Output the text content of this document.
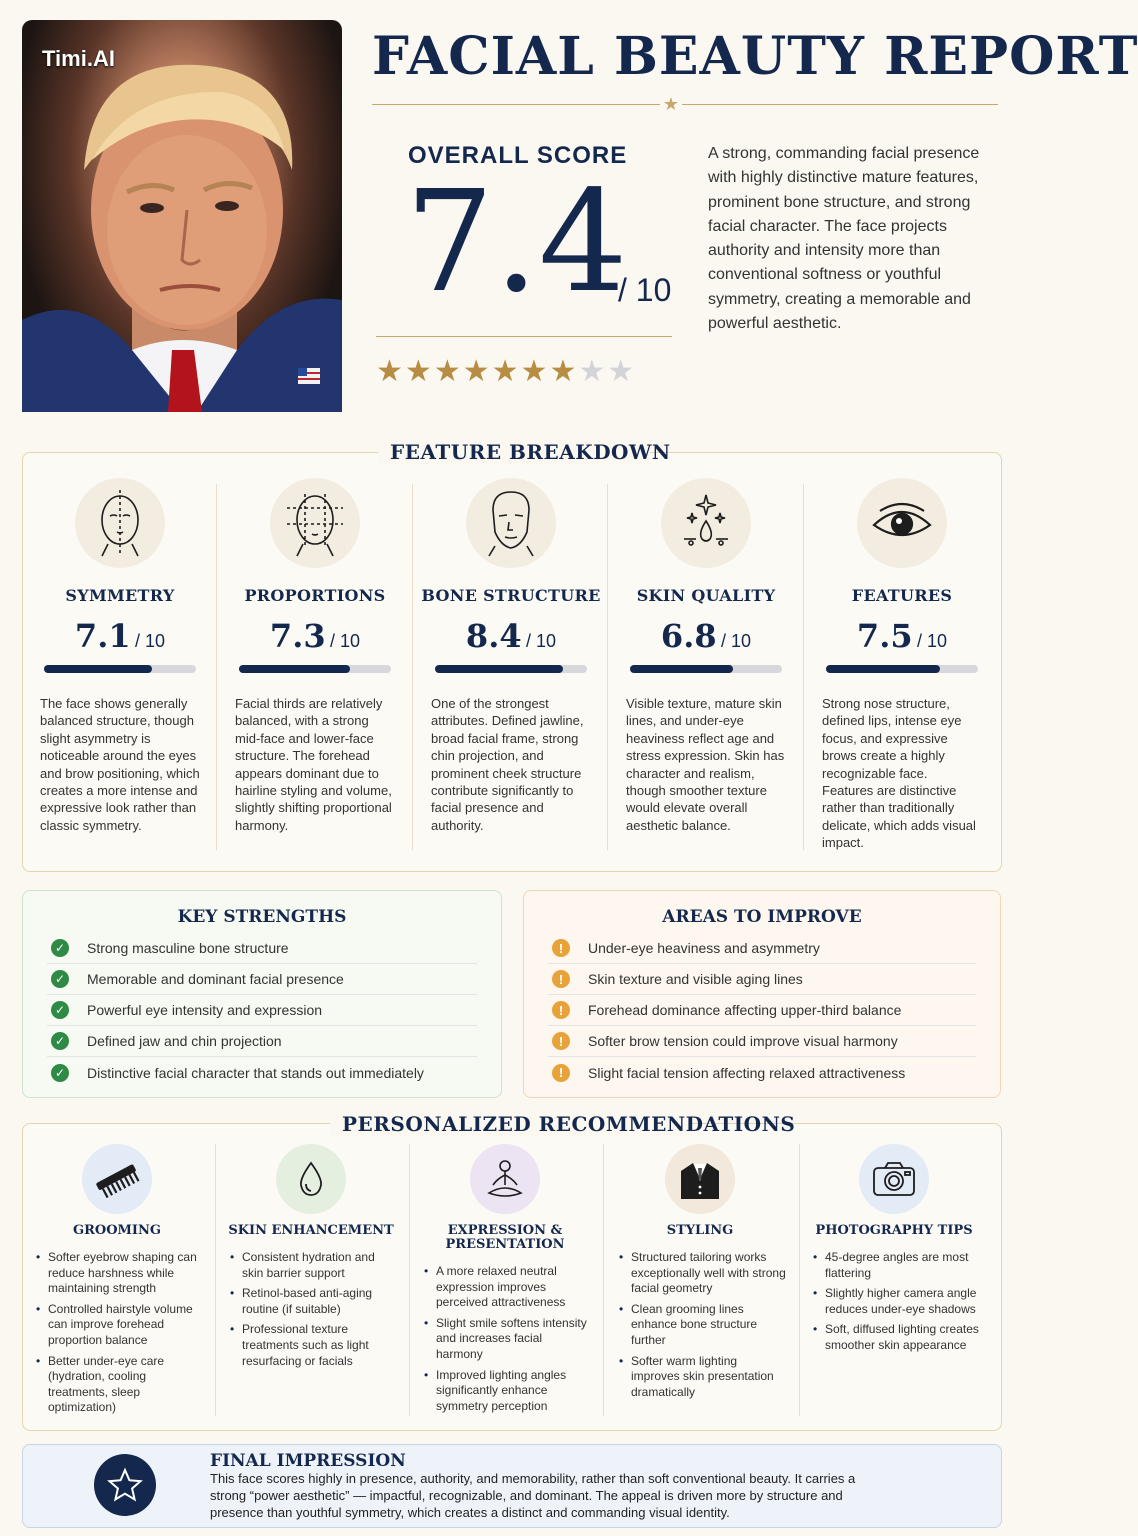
Timi.AI	FACIAL BEAUTY REPORT
★
OVERALL SCORE
7.4
/ 10
★★★★★★★★★
A strong, commanding facial presence with highly distinctive mature features, prominent bone structure, and strong facial character. The face projects authority and intensity more than conventional softness or youthful symmetry, creating a memorable and powerful aesthetic.
FEATURE BREAKDOWN
SYMMETRY
7.1 / 10
The face shows generally balanced structure, though slight asymmetry is noticeable around the eyes and brow positioning, which creates a more intense and expressive look rather than classic symmetry.
PROPORTIONS
7.3 / 10
Facial thirds are relatively balanced, with a strong mid-face and lower-face structure. The forehead appears dominant due to hairline styling and volume, slightly shifting proportional harmony.
BONE STRUCTURE
8.4 / 10
One of the strongest attributes. Defined jawline, broad facial frame, strong chin projection, and prominent cheek structure contribute significantly to facial presence and authority.
SKIN QUALITY
6.8 / 10
Visible texture, mature skin lines, and under-eye heaviness reflect age and stress expression. Skin has character and realism, though smoother texture would elevate overall aesthetic balance.
FEATURES
7.5 / 10
Strong nose structure, defined lips, intense eye focus, and expressive brows create a highly recognizable face. Features are distinctive rather than traditionally delicate, which adds visual impact.
KEY STRENGTHS
✓ Strong masculine bone structure
✓ Memorable and dominant facial presence
✓ Powerful eye intensity and expression
✓ Defined jaw and chin projection
✓ Distinctive facial character that stands out immediately
AREAS TO IMPROVE
!	Under-eye heaviness and asymmetry
!	Skin texture and visible aging lines
!	Forehead dominance affecting upper-third balance
!	Softer brow tension could improve visual harmony
!	Slight facial tension affecting relaxed attractiveness
PERSONALIZED RECOMMENDATIONS
GROOMING
• Softer eyebrow shaping can reduce harshness while maintaining strength
• Controlled hairstyle volume can improve forehead proportion balance
• Better under-eye care (hydration, cooling treatments, sleep optimization)
SKIN ENHANCEMENT
• Consistent hydration and skin barrier support
• Retinol-based anti-aging routine (if suitable)
• Professional texture treatments such as light resurfacing or facials
EXPRESSION & PRESENTATION
• A more relaxed neutral expression improves perceived attractiveness
• Slight smile softens intensity and increases facial harmony
• Improved lighting angles significantly enhance symmetry perception
STYLING
• Structured tailoring works exceptionally well with strong facial geometry
• Clean grooming lines enhance bone structure further
• Softer warm lighting improves skin presentation dramatically
PHOTOGRAPHY TIPS
• 45-degree angles are most flattering
• Slightly higher camera angle reduces under-eye shadows
• Soft, diffused lighting creates smoother skin appearance
FINAL IMPRESSION
This face scores highly in presence, authority, and memorability, rather than soft conventional beauty. It carries a strong “power aesthetic” — impactful, recognizable, and dominant. The appeal is driven more by structure and presence than youthful symmetry, which creates a distinct and commanding visual identity.
